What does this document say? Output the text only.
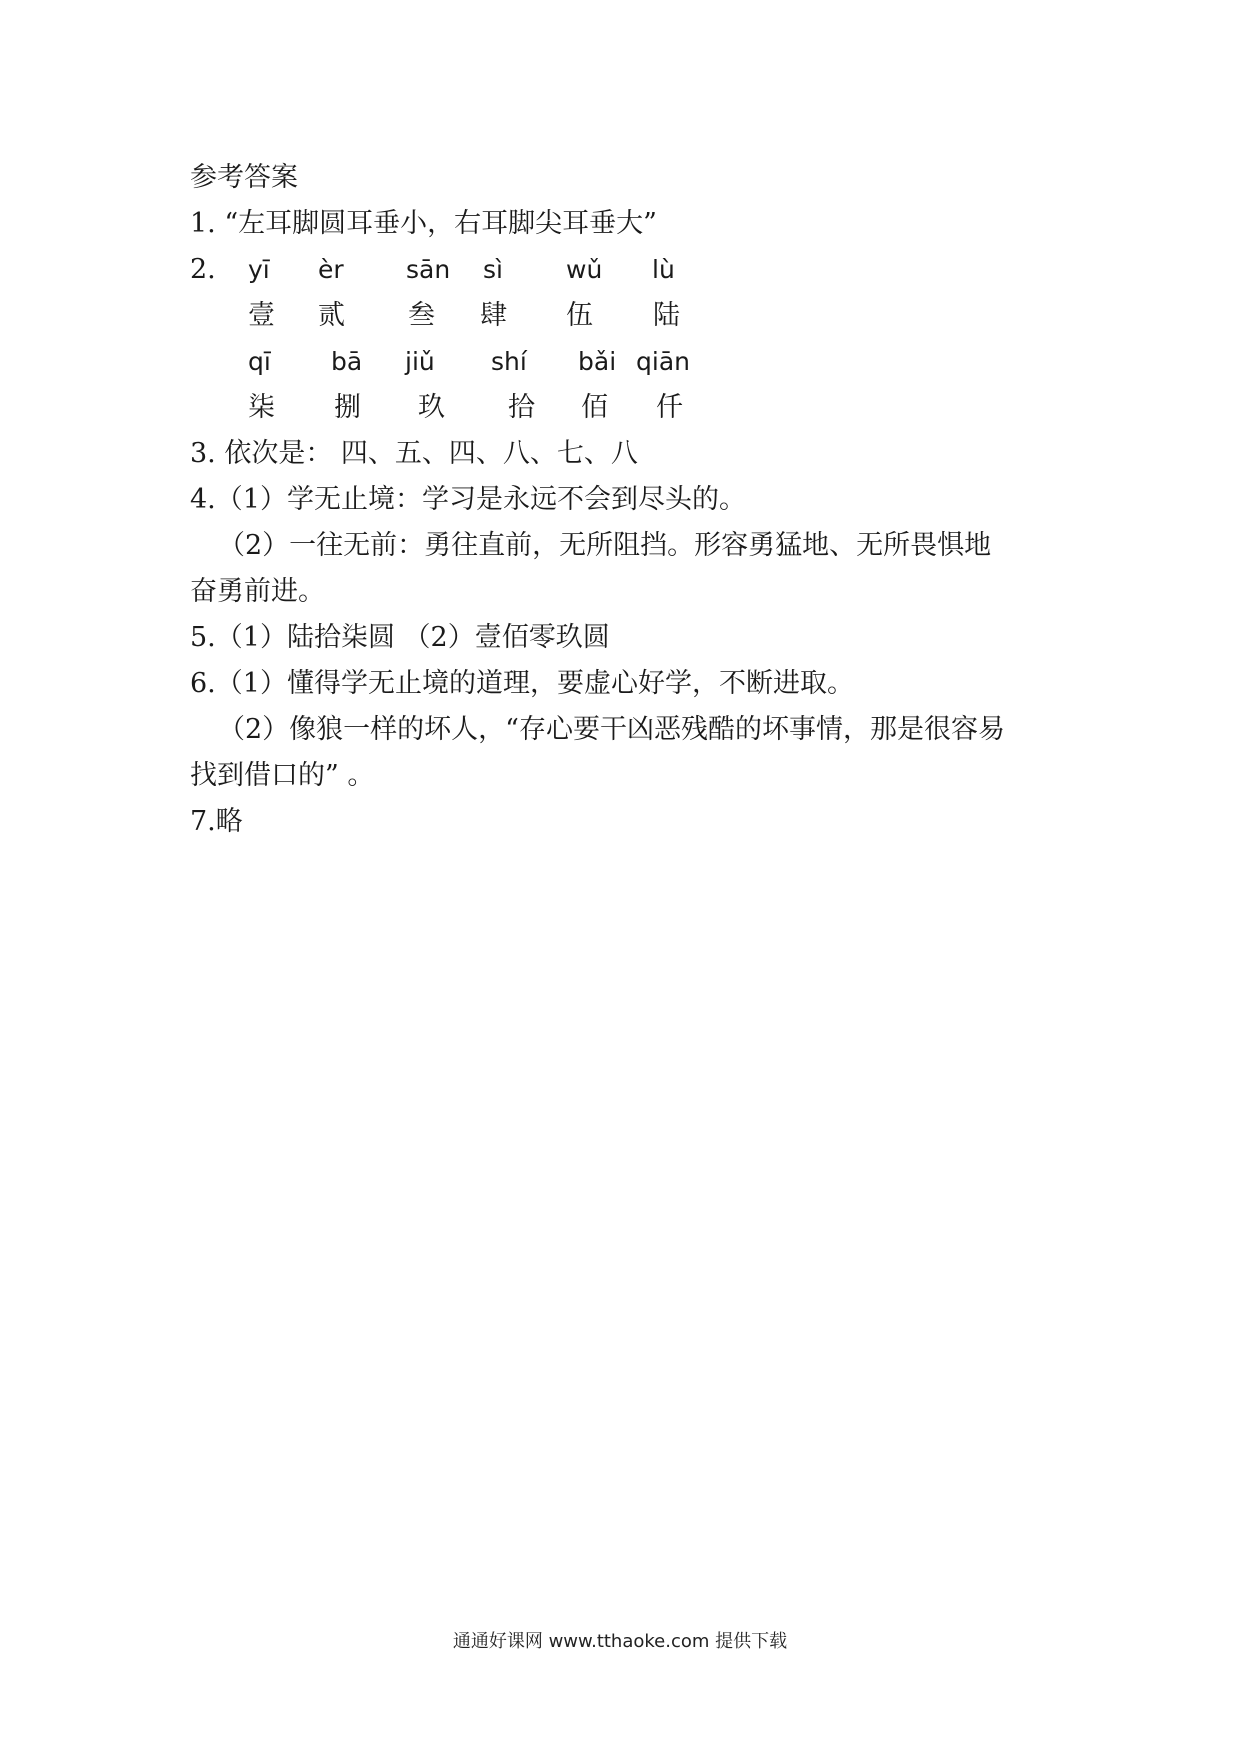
参考答案
1. “左耳脚圆耳垂小，右耳脚尖耳垂大”
2. yī èr sān sì	wǔ lù
壹 贰 叁 肆 伍 陆
qī bā jiǔ shí bǎi qiān
柒 捌 玖 拾 佰 仟
3. 依次是： 四、五、四、八、七、八
4.（1）学无止境：学习是永远不会到尽头的。
（2）一往无前：勇往直前，无所阻挡。形容勇猛地、无所畏惧地
奋勇前进。
5.（1）陆拾柒圆 （2）壹佰零玖圆
6.（1）懂得学无止境的道理，要虚心好学，不断进取。
（2）像狼一样的坏人，“存心要干凶恶残酷的坏事情，那是很容易
找到借口的” 。
7.略
通通好课网 www.tthaoke.com 提供下载
